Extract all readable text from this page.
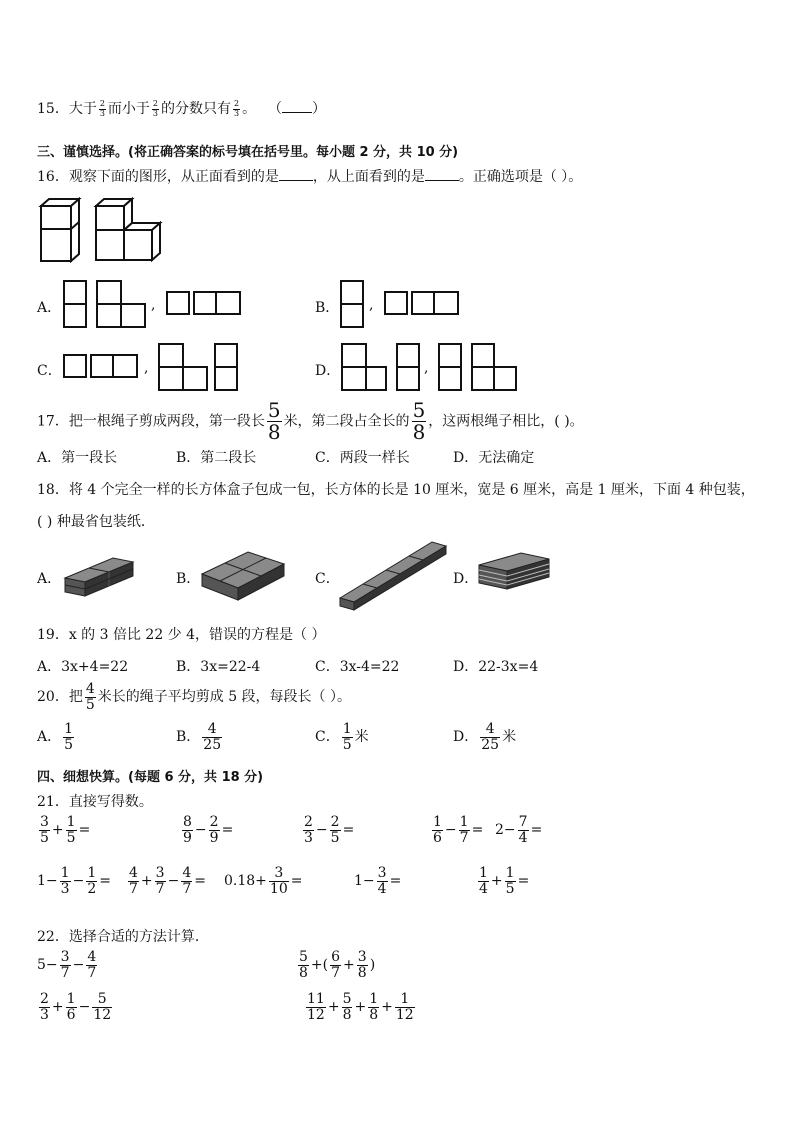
15．大于 $\frac{2}{3}$ 而小于 $\frac{2}{3}$ 的分数只有 $\frac{2}{3}$ 。 （ ）
三、谨慎选择。(将正确答案的标号填在括号里。每小题 2 分，共 10 分)
16．观察下面的图形，从正面看到的是 ，从上面看到的是 。正确选项是（ ）。
A．	,	B． ,
C．	,	D．	,
17．把一根绳子剪成两段，第一段长 $\frac{5}{8}$ 米，第二段占全长的 $\frac{5}{8}$ ，这两根绳子相比，( )。
A．第一段长	B．第二段长	C．两段一样长	D．无法确定
18．将 4 个完全一样的长方体盒子包成一包，长方体的长是 10 厘米，宽是 6 厘米，高是 1 厘米，下面 4 种包装，
( ) 种最省包装纸．
A．	B．	C．	D．
19．x 的 3 倍比 22 少 4，错误的方程是（ ）
A．3x+4=22	B．3x=22-4	C．3x-4=22	D．22-3x=4
20．把 $\frac{4}{5}$ 米长的绳子平均剪成 5 段，每段长（ ）。
A． $\frac{1}{5}$	B． $\frac{4}{25}$	C． $\frac{1}{5}$ 米	D． $\frac{4}{25}$ 米
四、细想快算。(每题 6 分，共 18 分)
21．直接写得数。
$\frac{3}{5} + \frac{1}{5}$ =	$\frac{8}{9} - \frac{2}{9}$ =	$\frac{2}{3} - \frac{2}{5}$ =	$\frac{1}{6} - \frac{1}{7} = 2- \frac{7}{4}$ =
$1- \frac{1}{3} - \frac{1}{2} = \frac{4}{7} + \frac{3}{7} - \frac{4}{7} = 0.18+ \frac{3}{10}$ =	$1- \frac{3}{4}$ =	$\frac{1}{4} + \frac{1}{5}$ =
22．选择合适的方法计算．
$5- \frac{3}{7} - \frac{4}{7}$	$\frac{5}{8}$ +( $\frac{6}{7} + \frac{3}{8}$ )
$\frac{2}{3} + \frac{1}{6} - \frac{5}{12}$	$\frac{11}{12} + \frac{5}{8} + \frac{1}{8} + \frac{1}{12}$
